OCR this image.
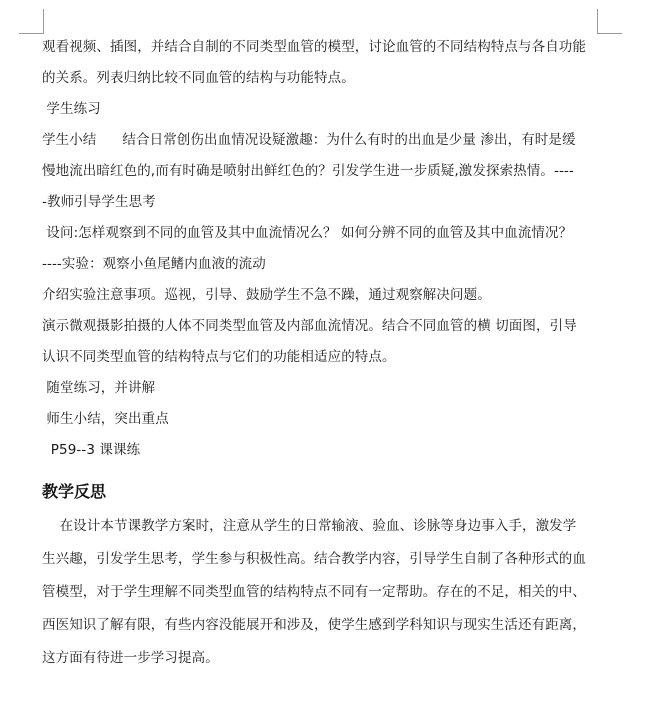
观看视频、插图，并结合自制的不同类型血管的模型，讨论血管的不同结构特点与各自功能
的关系。列表归纳比较不同血管的结构与功能特点。
学生练习
学生小结 结合日常创伤出血情况设疑激趣：为什么有时的出血是少量 渗出，有时是缓
慢地流出暗红色的,而有时确是喷射出鲜红色的？引发学生进一步质疑,激发探索热情。----
-教师引导学生思考
设问:怎样观察到不同的血管及其中血流情况么？ 如何分辨不同的血管及其中血流情况？
----实验：观察小鱼尾鳍内血液的流动
介绍实验注意事项。巡视，引导、鼓励学生不急不躁，通过观察解决问题。
演示微观摄影拍摄的人体不同类型血管及内部血流情况。结合不同血管的横 切面图，引导
认识不同类型血管的结构特点与它们的功能相适应的特点。
随堂练习，并讲解
师生小结，突出重点
P59--3 课课练
教学反思
在设计本节课教学方案时，注意从学生的日常输液、验血、诊脉等身边事入手，激发学
生兴趣，引发学生思考，学生参与积极性高。结合教学内容，引导学生自制了各种形式的血
管模型，对于学生理解不同类型血管的结构特点不同有一定帮助。存在的不足，相关的中、
西医知识了解有限，有些内容没能展开和涉及，使学生感到学科知识与现实生活还有距离，
这方面有待进一步学习提高。
